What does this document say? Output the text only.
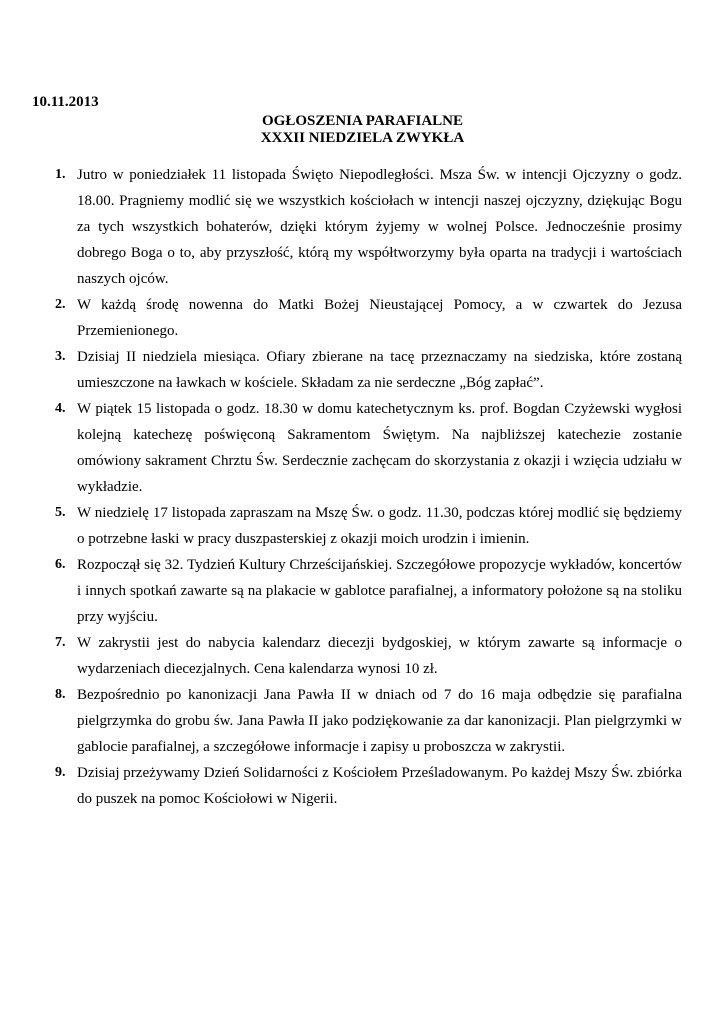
10.11.2013
OGŁOSZENIA PARAFIALNE
XXXII NIEDZIELA ZWYKŁA
1. Jutro w poniedziałek 11 listopada Święto Niepodległości. Msza Św. w intencji Ojczyzny o godz. 18.00. Pragniemy modlić się we wszystkich kościołach w intencji naszej ojczyzny, dziękując Bogu za tych wszystkich bohaterów, dzięki którym żyjemy w wolnej Polsce. Jednocześnie prosimy dobrego Boga o to, aby przyszłość, którą my współtworzymy była oparta na tradycji i wartościach naszych ojców.
2. W każdą środę nowenna do Matki Bożej Nieustającej Pomocy, a w czwartek do Jezusa Przemienionego.
3. Dzisiaj II niedziela miesiąca. Ofiary zbierane na tacę przeznaczamy na siedziska, które zostaną umieszczone na ławkach w kościele. Składam za nie serdeczne „Bóg zapłać”.
4. W piątek 15 listopada o godz. 18.30 w domu katechetycznym ks. prof. Bogdan Czyżewski wygłosi kolejną katechezę poświęconą Sakramentom Świętym. Na najbliższej katechezie zostanie omówiony sakrament Chrztu Św. Serdecznie zachęcam do skorzystania z okazji i wzięcia udziału w wykładzie.
5. W niedzielę 17 listopada zapraszam na Mszę Św. o godz. 11.30, podczas której modlić się będziemy o potrzebne łaski w pracy duszpasterskiej z okazji moich urodzin i imienin.
6. Rozpoczął się 32. Tydzień Kultury Chrześcijańskiej. Szczegółowe propozycje wykładów, koncertów i innych spotkań zawarte są na plakacie w gablotce parafialnej, a informatory położone są na stoliku przy wyjściu.
7. W zakrystii jest do nabycia kalendarz diecezji bydgoskiej, w którym zawarte są informacje o wydarzeniach diecezjalnych. Cena kalendarza wynosi 10 zł.
8. Bezpośrednio po kanonizacji Jana Pawła II w dniach od 7 do 16 maja odbędzie się parafialna pielgrzymka do grobu św. Jana Pawła II jako podziękowanie za dar kanonizacji. Plan pielgrzymki w gablocie parafialnej, a szczegółowe informacje i zapisy u proboszcza w zakrystii.
9. Dzisiaj przeżywamy Dzień Solidarności z Kościołem Prześladowanym. Po każdej Mszy Św. zbiórka do puszek na pomoc Kościołowi w Nigerii.
